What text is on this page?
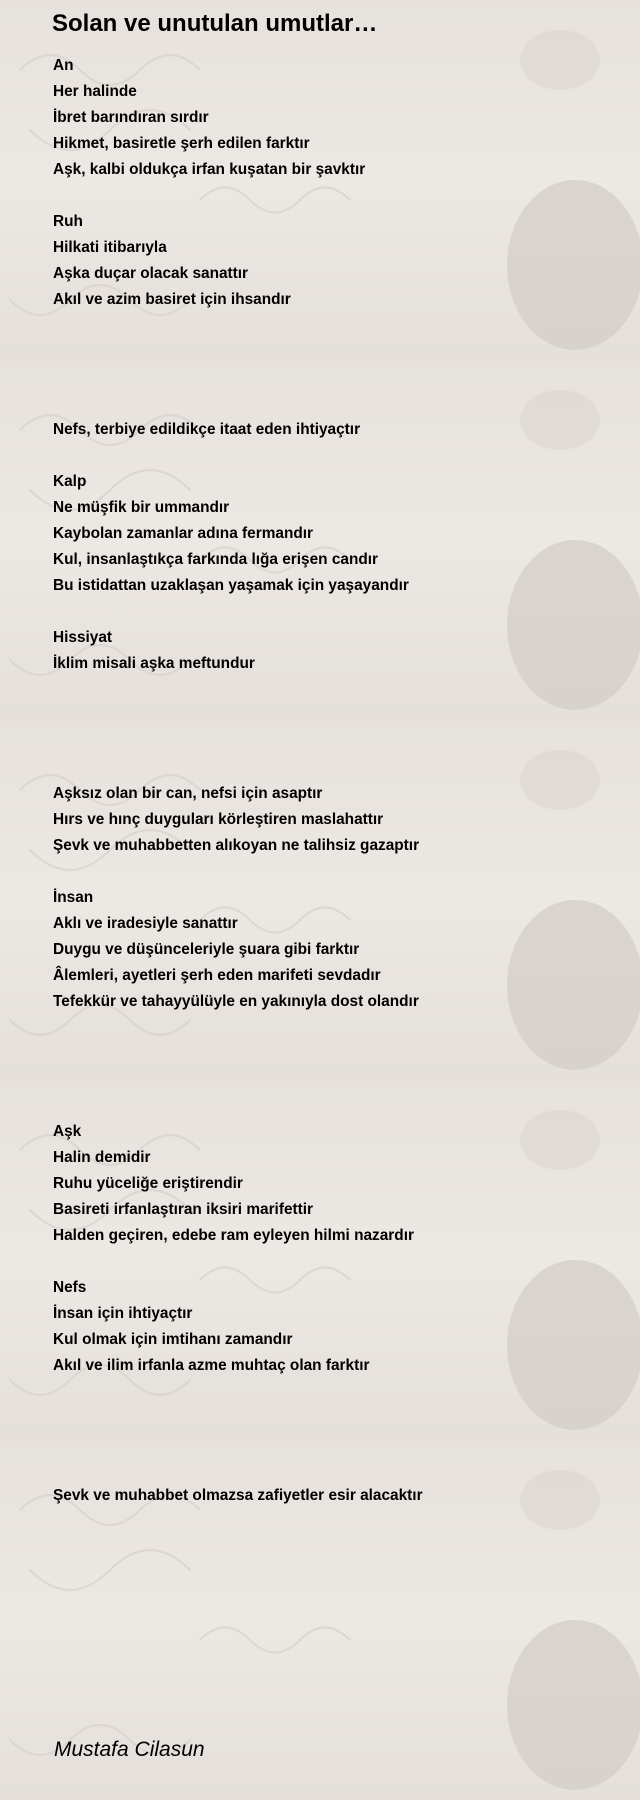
Solan ve unutulan umutlar…
An
Her halinde
İbret barındıran sırdır
Hikmet, basiretle şerh edilen farktır
Aşk, kalbi oldukça irfan kuşatan bir şavktır
Ruh
Hilkati itibarıyla
Aşka duçar olacak sanattır
Akıl ve azim basiret için ihsandır
Nefs, terbiye edildikçe itaat eden ihtiyaçtır
Kalp
Ne müşfik bir ummandır
Kaybolan zamanlar adına fermandır
Kul, insanlaştıkça farkında lığa erişen candır
Bu istidattan uzaklaşan yaşamak için yaşayandır
Hissiyat
İklim misali aşka meftundur
Aşksız olan bir can, nefsi için asaptır
Hırs ve hınç duyguları körleştiren maslahattır
Şevk ve muhabbetten alıkoyan ne talihsiz gazaptır
İnsan
Aklı ve iradesiyle sanattır
Duygu ve düşünceleriyle şuara gibi farktır
Âlemleri, ayetleri şerh eden marifeti sevdadır
Tefekkür ve tahayyülüyle en yakınıyla dost olandır
Aşk
Halin demidir
Ruhu yüceliğe eriştirendir
Basireti irfanlaştıran iksiri marifettir
Halden geçiren, edebe ram eyleyen hilmi nazardır
Nefs
İnsan için ihtiyaçtır
Kul olmak için imtihanı zamandır
Akıl ve ilim irfanla azme muhtaç olan farktır
Şevk ve muhabbet olmazsa zafiyetler esir alacaktır
Mustafa Cilasun
